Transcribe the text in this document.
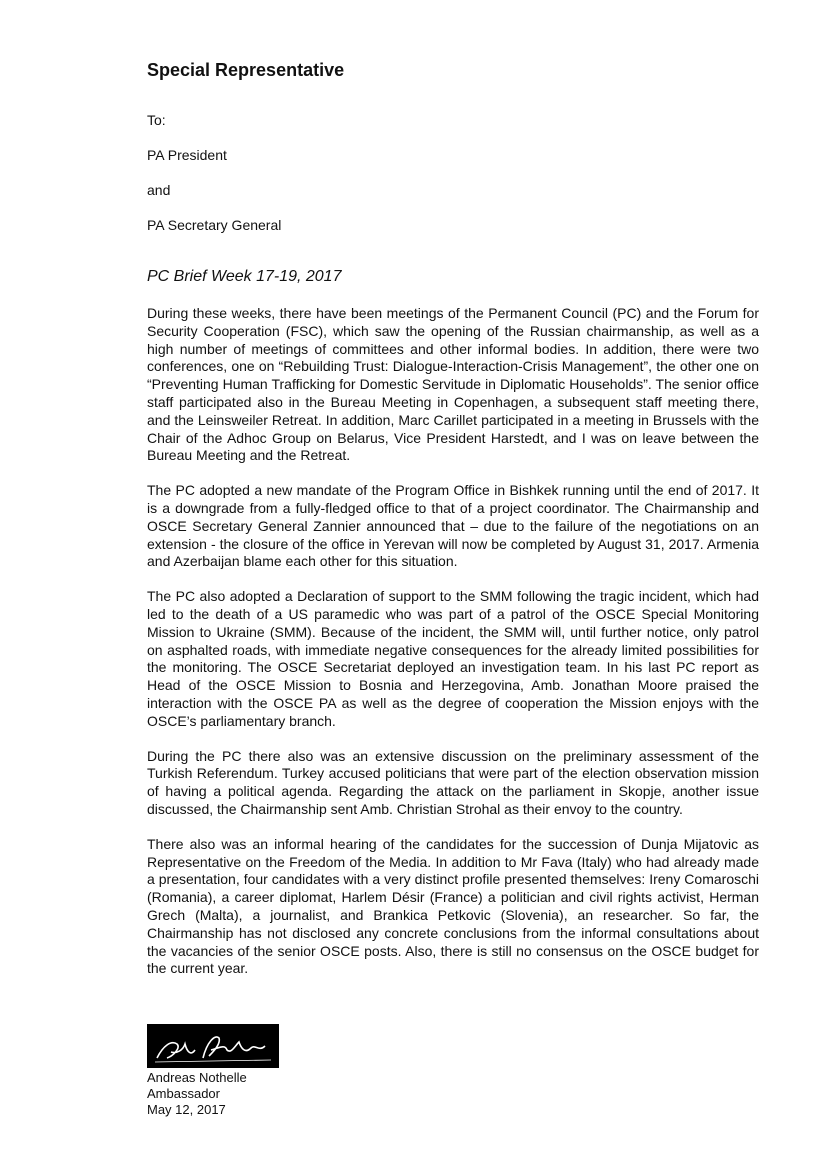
Special Representative

To:

PA President

and

PA Secretary General

PC Brief Week 17-19, 2017

During these weeks, there have been meetings of the Permanent Council (PC) and the Forum for Security Cooperation (FSC), which saw the opening of the Russian chairmanship, as well as a high number of meetings of committees and other informal bodies. In addition, there were two conferences, one on “Rebuilding Trust: Dialogue-Interaction-Crisis Management”, the other one on “Preventing Human Trafficking for Domestic Servitude in Diplomatic Households”. The senior office staff participated also in the Bureau Meeting in Copenhagen, a subsequent staff meeting there, and the Leinsweiler Retreat. In addition, Marc Carillet participated in a meeting in Brussels with the Chair of the Adhoc Group on Belarus, Vice President Harstedt, and I was on leave between the Bureau Meeting and the Retreat.

The PC adopted a new mandate of the Program Office in Bishkek running until the end of 2017. It is a downgrade from a fully-fledged office to that of a project coordinator. The Chairmanship and OSCE Secretary General Zannier announced that – due to the failure of the negotiations on an extension - the closure of the office in Yerevan will now be completed by August 31, 2017. Armenia and Azerbaijan blame each other for this situation.

The PC also adopted a Declaration of support to the SMM following the tragic incident, which had led to the death of a US paramedic who was part of a patrol of the OSCE Special Monitoring Mission to Ukraine (SMM). Because of the incident, the SMM will, until further notice, only patrol on asphalted roads, with immediate negative consequences for the already limited possibilities for the monitoring. The OSCE Secretariat deployed an investigation team. In his last PC report as Head of the OSCE Mission to Bosnia and Herzegovina, Amb. Jonathan Moore praised the interaction with the OSCE PA as well as the degree of cooperation the Mission enjoys with the OSCE’s parliamentary branch.

During the PC there also was an extensive discussion on the preliminary assessment of the Turkish Referendum. Turkey accused politicians that were part of the election observation mission of having a political agenda. Regarding the attack on the parliament in Skopje, another issue discussed, the Chairmanship sent Amb. Christian Strohal as their envoy to the country.

There also was an informal hearing of the candidates for the succession of Dunja Mijatovic as Representative on the Freedom of the Media. In addition to Mr Fava (Italy) who had already made a presentation, four candidates with a very distinct profile presented themselves: Ireny Comaroschi (Romania), a career diplomat, Harlem Désir (France) a politician and civil rights activist, Herman Grech (Malta), a journalist, and Brankica Petkovic (Slovenia), an researcher. So far, the Chairmanship has not disclosed any concrete conclusions from the informal consultations about the vacancies of the senior OSCE posts. Also, there is still no consensus on the OSCE budget for the current year.

Andreas Nothelle

Ambassador

May 12, 2017
